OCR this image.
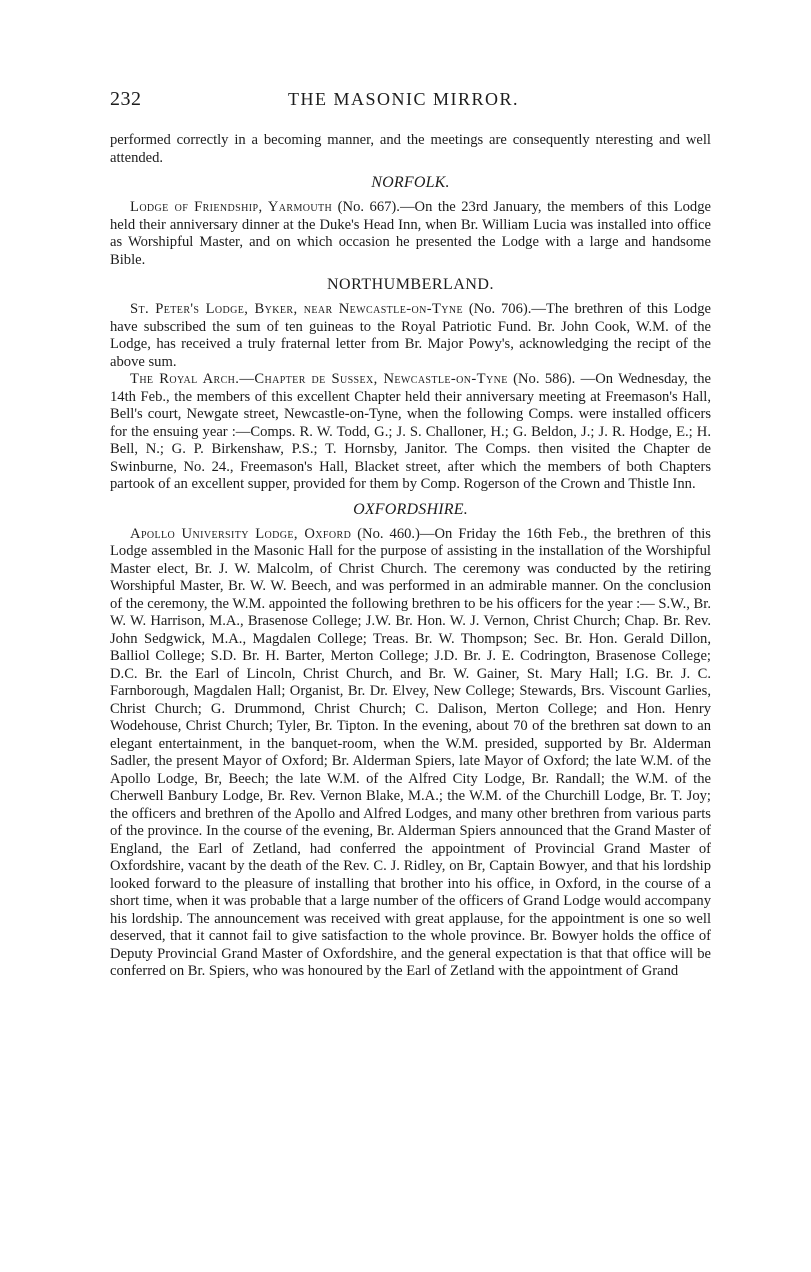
232	THE MASONIC MIRROR.

performed correctly in a becoming manner, and the meetings are consequently nteresting and well attended.

NORFOLK.

Lodge of Friendship, Yarmouth (No. 667).—On the 23rd January, the members of this Lodge held their anniversary dinner at the Duke's Head Inn, when Br. William Lucia was installed into office as Worshipful Master, and on which occasion he presented the Lodge with a large and handsome Bible.

NORTHUMBERLAND.

St. Peter's Lodge, Byker, near Newcastle-on-Tyne (No. 706).—The brethren of this Lodge have subscribed the sum of ten guineas to the Royal Patriotic Fund. Br. John Cook, W.M. of the Lodge, has received a truly fraternal letter from Br. Major Powy's, acknowledging the recipt of the above sum.

The Royal Arch.—Chapter de Sussex, Newcastle-on-Tyne (No. 586). —On Wednesday, the 14th Feb., the members of this excellent Chapter held their anniversary meeting at Freemason's Hall, Bell's court, Newgate street, Newcastle-on-Tyne, when the following Comps. were installed officers for the ensuing year :—Comps. R. W. Todd, G.; J. S. Challoner, H.; G. Beldon, J.; J. R. Hodge, E.; H. Bell, N.; G. P. Birkenshaw, P.S.; T. Hornsby, Janitor. The Comps. then visited the Chapter de Swinburne, No. 24., Freemason's Hall, Blacket street, after which the members of both Chapters partook of an excellent supper, provided for them by Comp. Rogerson of the Crown and Thistle Inn.

OXFORDSHIRE.

Apollo University Lodge, Oxford (No. 460.)—On Friday the 16th Feb., the brethren of this Lodge assembled in the Masonic Hall for the purpose of assisting in the installation of the Worshipful Master elect, Br. J. W. Malcolm, of Christ Church. The ceremony was conducted by the retiring Worshipful Master, Br. W. W. Beech, and was performed in an admirable manner. On the conclusion of the ceremony, the W.M. appointed the following brethren to be his officers for the year :— S.W., Br. W. W. Harrison, M.A., Brasenose College; J.W. Br. Hon. W. J. Vernon, Christ Church; Chap. Br. Rev. John Sedgwick, M.A., Magdalen College; Treas. Br. W. Thompson; Sec. Br. Hon. Gerald Dillon, Balliol College; S.D. Br. H. Barter, Merton College; J.D. Br. J. E. Codrington, Brasenose College; D.C. Br. the Earl of Lincoln, Christ Church, and Br. W. Gainer, St. Mary Hall; I.G. Br. J. C. Farnborough, Magdalen Hall; Organist, Br. Dr. Elvey, New College; Stewards, Brs. Viscount Garlies, Christ Church; G. Drummond, Christ Church; C. Dalison, Merton College; and Hon. Henry Wodehouse, Christ Church; Tyler, Br. Tipton. In the evening, about 70 of the brethren sat down to an elegant entertainment, in the banquet-room, when the W.M. presided, supported by Br. Alderman Sadler, the present Mayor of Oxford; Br. Alderman Spiers, late Mayor of Oxford; the late W.M. of the Apollo Lodge, Br, Beech; the late W.M. of the Alfred City Lodge, Br. Randall; the W.M. of the Cherwell Banbury Lodge, Br. Rev. Vernon Blake, M.A.; the W.M. of the Churchill Lodge, Br. T. Joy; the officers and brethren of the Apollo and Alfred Lodges, and many other brethren from various parts of the province. In the course of the evening, Br. Alderman Spiers announced that the Grand Master of England, the Earl of Zetland, had conferred the appointment of Provincial Grand Master of Oxfordshire, vacant by the death of the Rev. C. J. Ridley, on Br, Captain Bowyer, and that his lordship looked forward to the pleasure of installing that brother into his office, in Oxford, in the course of a short time, when it was probable that a large number of the officers of Grand Lodge would accompany his lordship. The announcement was received with great applause, for the appointment is one so well deserved, that it cannot fail to give satisfaction to the whole province. Br. Bowyer holds the office of Deputy Provincial Grand Master of Oxfordshire, and the general expectation is that that office will be conferred on Br. Spiers, who was honoured by the Earl of Zetland with the appointment of Grand
